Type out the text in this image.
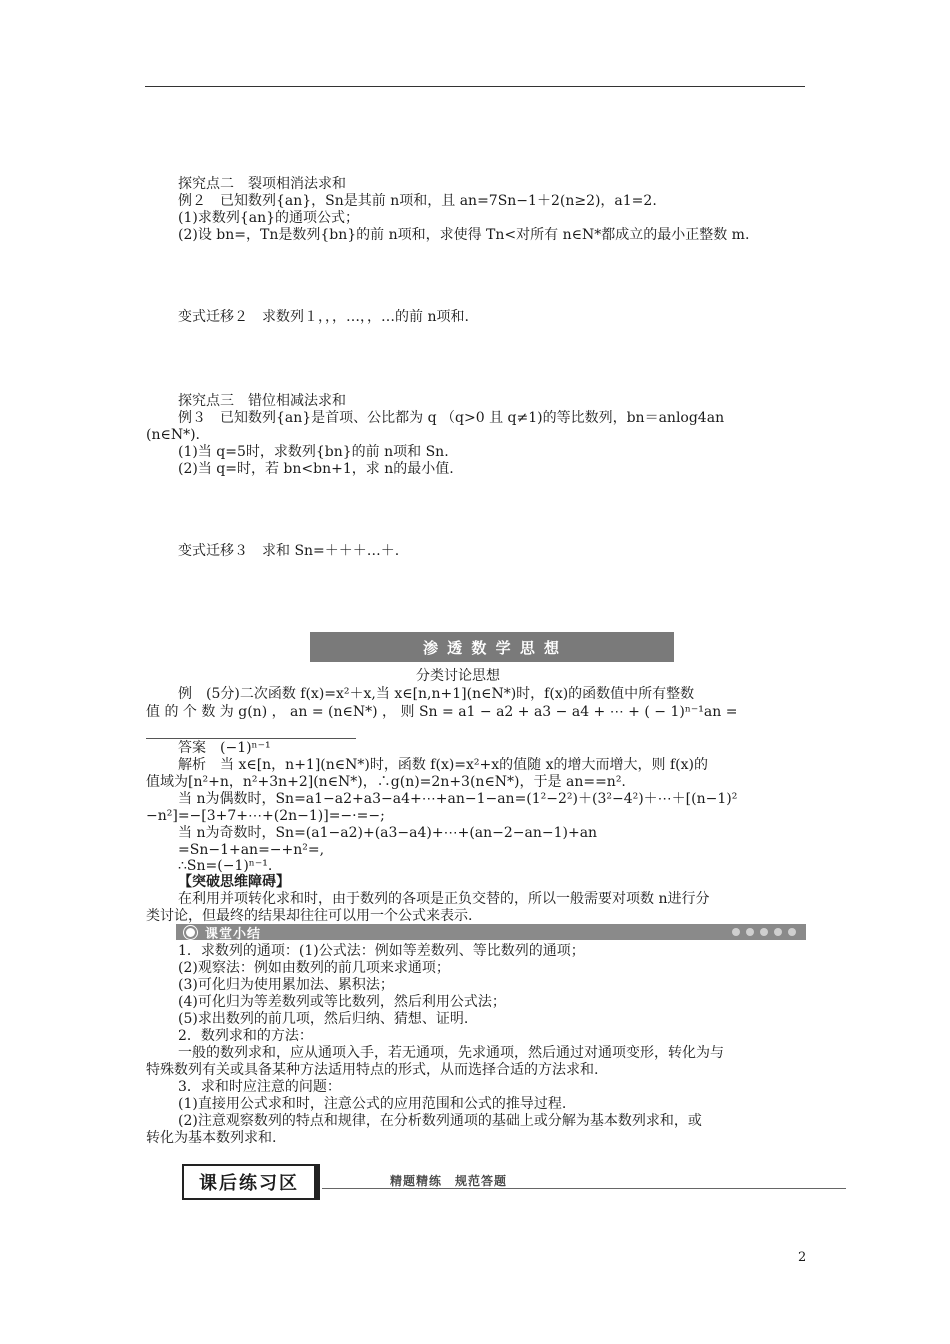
探究点二　裂项相消法求和
例２　已知数列{an}，Sn是其前 n项和，且 an=7Sn−1＋2(n≥2)，a1=2.
(1)求数列{an}的通项公式；
(2)设 bn=，Tn是数列{bn}的前 n项和，求使得 Tn<对所有 n∈N*都成立的最小正整数 m.
变式迁移２　求数列１，，，…，，…的前 n项和.
探究点三　错位相减法求和
例３　已知数列{an}是首项、公比都为 q （q>0 且 q≠1)的等比数列，bn＝anlog4an
(n∈N*).
(1)当 q=5时，求数列{bn}的前 n项和 Sn.
(2)当 q=时，若 bn<bn+1，求 n的最小值.
变式迁移３　求和 Sn=＋＋＋…＋.
渗 透 数 学 思 想
分类讨论思想
例　(5分)二次函数 f(x)=x²＋x,当 x∈[n,n+1](n∈N*)时，f(x)的函数值中所有整数
值 的 个 数 为 g(n) ， an = (n∈N*) ， 则 Sn = a1 − a2 + a3 − a4 + ⋯ + ( − 1)ⁿ⁻¹an =
答案　(−1)ⁿ⁻¹
解析　当 x∈[n，n+1](n∈N*)时，函数 f(x)=x²+x的值随 x的增大而增大，则 f(x)的
值域为[n²+n，n²+3n+2](n∈N*)，∴g(n)=2n+3(n∈N*)，于是 an==n².
当 n为偶数时，Sn=a1−a2+a3−a4+⋯+an−1−an=(1²−2²)＋(3²−4²)＋⋯＋[(n−1)²
−n²]=−[3+7+⋯+(2n−1)]=−·=−;
当 n为奇数时，Sn=(a1−a2)+(a3−a4)+⋯+(an−2−an−1)+an
=Sn−1+an=−+n²=,
∴Sn=(−1)ⁿ⁻¹.
【突破思维障碍】
在利用并项转化求和时，由于数列的各项是正负交替的，所以一般需要对项数 n进行分
类讨论，但最终的结果却往往可以用一个公式来表示.
课堂小结
1．求数列的通项：(1)公式法：例如等差数列、等比数列的通项；
(2)观察法：例如由数列的前几项来求通项；
(3)可化归为使用累加法、累积法；
(4)可化归为等差数列或等比数列，然后利用公式法；
(5)求出数列的前几项，然后归纳、猜想、证明.
2．数列求和的方法：
一般的数列求和，应从通项入手，若无通项，先求通项，然后通过对通项变形，转化为与
特殊数列有关或具备某种方法适用特点的形式，从而选择合适的方法求和.
3．求和时应注意的问题：
(1)直接用公式求和时，注意公式的应用范围和公式的推导过程.
(2)注意观察数列的特点和规律，在分析数列通项的基础上或分解为基本数列求和，或
转化为基本数列求和.
课后练习区	精题精练　规范答题
2
